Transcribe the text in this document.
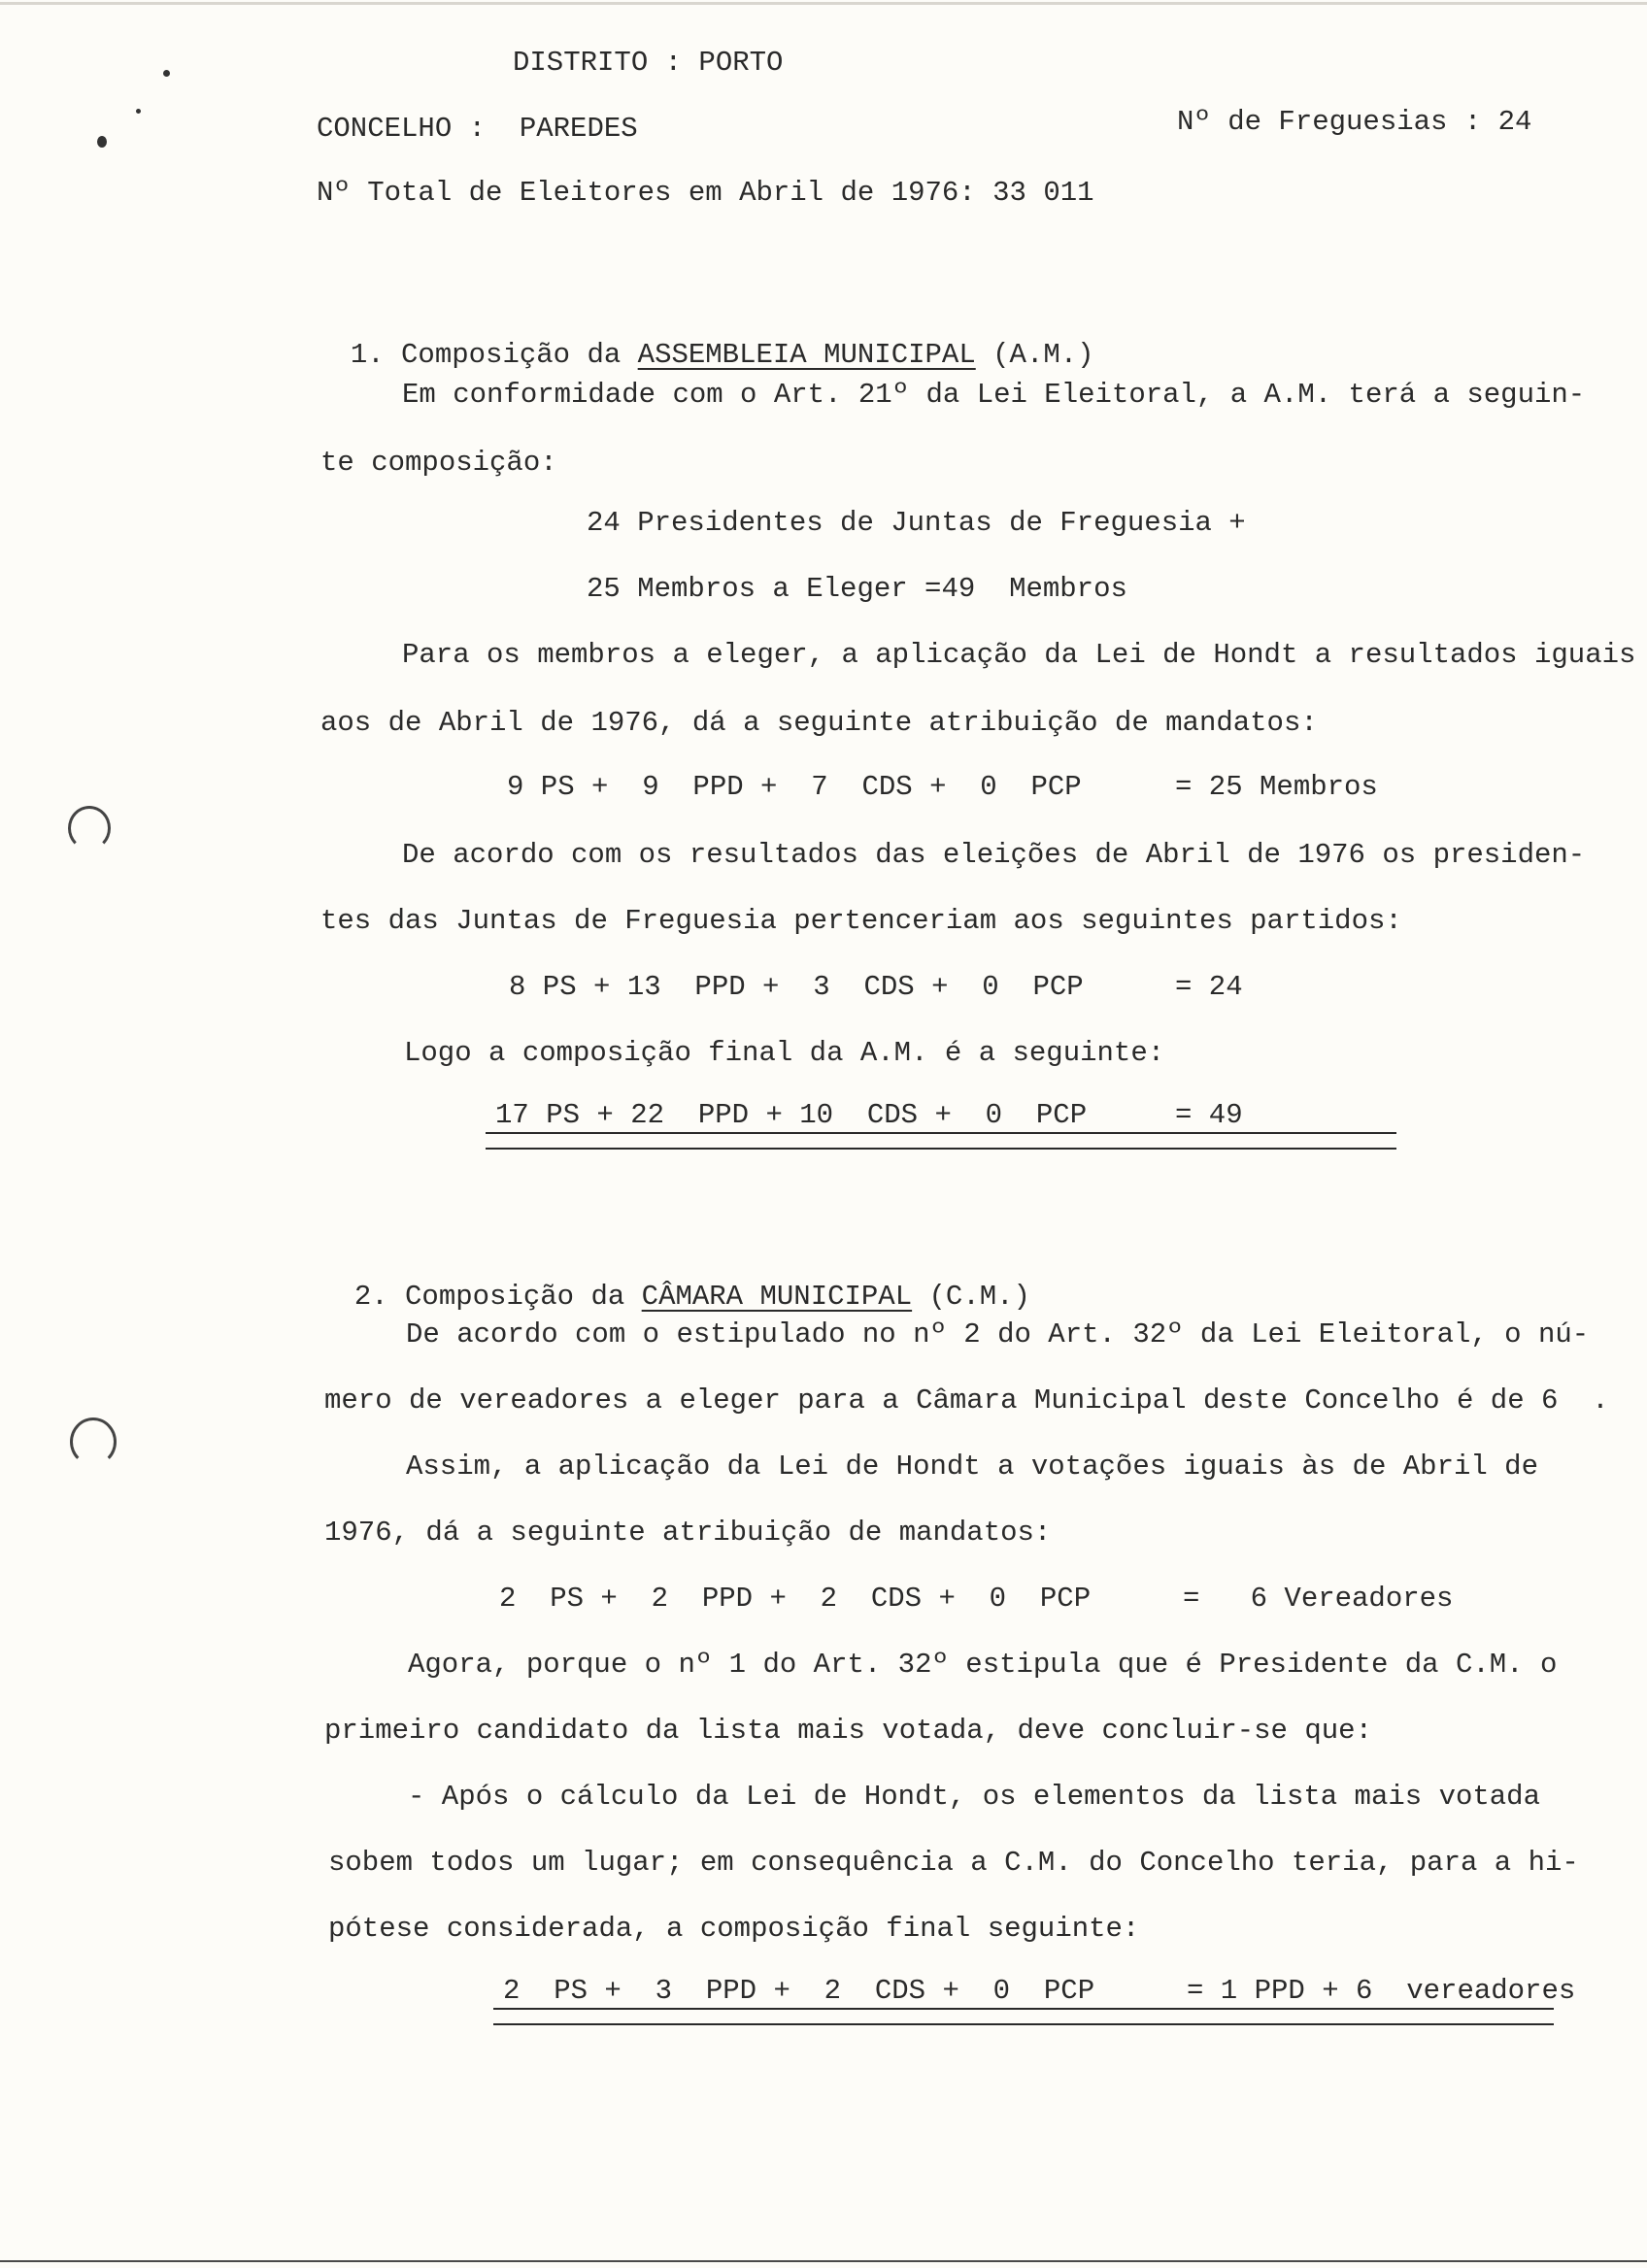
DISTRITO : PORTO
CONCELHO :  PAREDES	Nº de Freguesias : 24
Nº Total de Eleitores em Abril de 1976: 33 011

1. Composição da ASSEMBLEIA MUNICIPAL (A.M.)

Em conformidade com o Art. 21º da Lei Eleitoral, a A.M. terá a seguin-
te composição:
24 Presidentes de Juntas de Freguesia +
25 Membros a Eleger =49  Membros
Para os membros a eleger, a aplicação da Lei de Hondt a resultados iguais
aos de Abril de 1976, dá a seguinte atribuição de mandatos:
9 PS +  9  PPD +  7  CDS +  0  PCP	= 25 Membros
De acordo com os resultados das eleições de Abril de 1976 os presiden-
tes das Juntas de Freguesia pertenceriam aos seguintes partidos:
8 PS + 13  PPD +  3  CDS +  0  PCP	= 24
Logo a composição final da A.M. é a seguinte:
17 PS + 22  PPD + 10  CDS +  0  PCP	= 49

2. Composição da CÂMARA MUNICIPAL (C.M.)

De acordo com o estipulado no nº 2 do Art. 32º da Lei Eleitoral, o nú-
mero de vereadores a eleger para a Câmara Municipal deste Concelho é de 6  .
Assim, a aplicação da Lei de Hondt a votações iguais às de Abril de
1976, dá a seguinte atribuição de mandatos:
2  PS +  2  PPD +  2  CDS +  0  PCP	=   6 Vereadores
Agora, porque o nº 1 do Art. 32º estipula que é Presidente da C.M. o
primeiro candidato da lista mais votada, deve concluir-se que:
- Após o cálculo da Lei de Hondt, os elementos da lista mais votada
sobem todos um lugar; em consequência a C.M. do Concelho teria, para a hi-
pótese considerada, a composição final seguinte:
2  PS +  3  PPD +  2  CDS +  0  PCP	= 1 PPD + 6  vereadores
